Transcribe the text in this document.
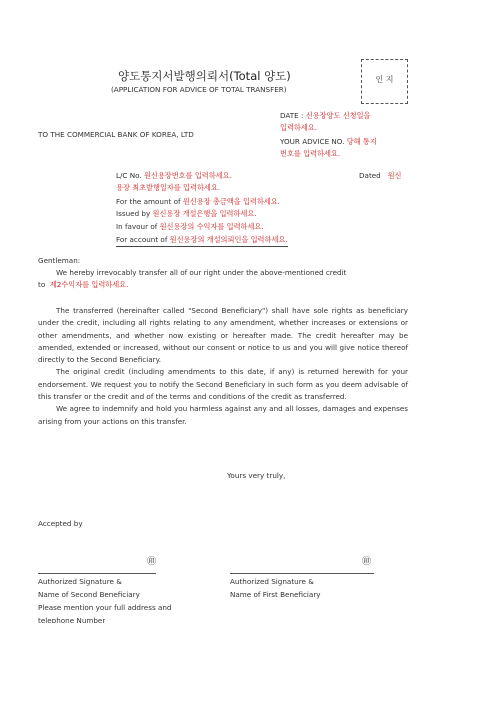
양도통지서발행의뢰서(Total 양도)
(APPLICATION FOR ADVICE OF TOTAL TRANSFER)
인 지
DATE : 신용장양도 신청일을
입력하세요.
YOUR ADVICE NO. 당해 통지
번호를 입력하세요.
TO THE COMMERCIAL BANK OF KOREA, LTD
L/C No. 원신용장번호를 입력하세요.	Dated 원신
용장 최초발행일자를 입력하세요.
For the amount of 원신용장 총금액을 입력하세요.
Issued by 원신용장 개설은행을 입력하세요.
In favour of 원신용장의 수익자를 입력하세요.
For account of 원신용장의 개설의뢰인을 입력하세요.
Gentleman:
We hereby irrevocably transfer all of our right under the above-mentioned credit
to 제2수익자를 입력하세요.

The transferred (hereinafter called "Second Beneficiary") shall have sole rights as beneficiary under the credit, including all rights relating to any amendment, whether increases or extensions or other amendments, and whether now existing or hereafter made. The credit hereafter may be amended, extended or increased, without our consent or notice to us and you will give notice thereof directly to the Second Beneficiary.

The original credit (including amendments to this date, if any) is returned herewith for your endorsement. We request you to notify the Second Beneficiary in such form as you deem advisable of this transfer or the credit and of the terms and conditions of the credit as transferred.

We agree to indemnify and hold you harmless against any and all losses, damages and expenses arising from your actions on this transfer.

Yours very truly,
Accepted by
㊞
Authorized Signature &
Name of Second Beneficiary
Please mention your full address and
telephone Number
㊞
Authorized Signature &
Name of First Beneficiary
